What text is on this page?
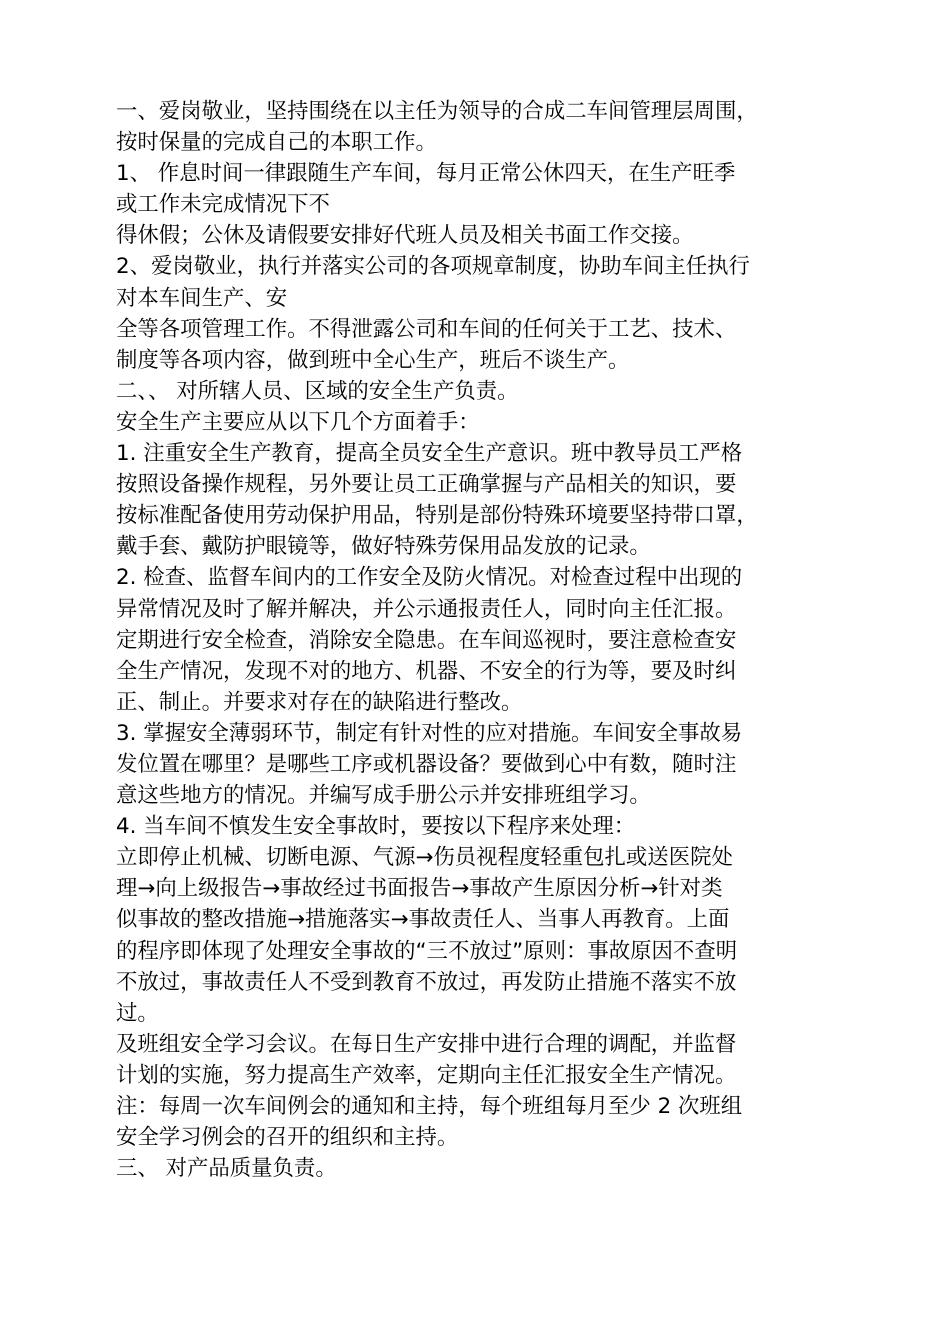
一、爱岗敬业，坚持围绕在以主任为领导的合成二车间管理层周围，
按时保量的完成自己的本职工作。
1、 作息时间一律跟随生产车间，每月正常公休四天，在生产旺季
或工作未完成情况下不
得休假；公休及请假要安排好代班人员及相关书面工作交接。
2、爱岗敬业，执行并落实公司的各项规章制度，协助车间主任执行
对本车间生产、安
全等各项管理工作。不得泄露公司和车间的任何关于工艺、技术、
制度等各项内容，做到班中全心生产，班后不谈生产。
二、、 对所辖人员、区域的安全生产负责。
安全生产主要应从以下几个方面着手：
1. 注重安全生产教育，提高全员安全生产意识。班中教导员工严格
按照设备操作规程，另外要让员工正确掌握与产品相关的知识，要
按标准配备使用劳动保护用品，特别是部份特殊环境要坚持带口罩，
戴手套、戴防护眼镜等，做好特殊劳保用品发放的记录。
2. 检查、监督车间内的工作安全及防火情况。对检查过程中出现的
异常情况及时了解并解决，并公示通报责任人，同时向主任汇报。
定期进行安全检查，消除安全隐患。在车间巡视时，要注意检查安
全生产情况，发现不对的地方、机器、不安全的行为等，要及时纠
正、制止。并要求对存在的缺陷进行整改。
3. 掌握安全薄弱环节，制定有针对性的应对措施。车间安全事故易
发位置在哪里？是哪些工序或机器设备？要做到心中有数，随时注
意这些地方的情况。并编写成手册公示并安排班组学习。
4. 当车间不慎发生安全事故时，要按以下程序来处理：
立即停止机械、切断电源、气源→伤员视程度轻重包扎或送医院处
理→向上级报告→事故经过书面报告→事故产生原因分析→针对类
似事故的整改措施→措施落实→事故责任人、当事人再教育。上面
的程序即体现了处理安全事故的“三不放过”原则：事故原因不查明
不放过，事故责任人不受到教育不放过，再发防止措施不落实不放
过。
及班组安全学习会议。在每日生产安排中进行合理的调配，并监督
计划的实施，努力提高生产效率，定期向主任汇报安全生产情况。
注：每周一次车间例会的通知和主持，每个班组每月至少 2 次班组
安全学习例会的召开的组织和主持。
三、 对产品质量负责。
